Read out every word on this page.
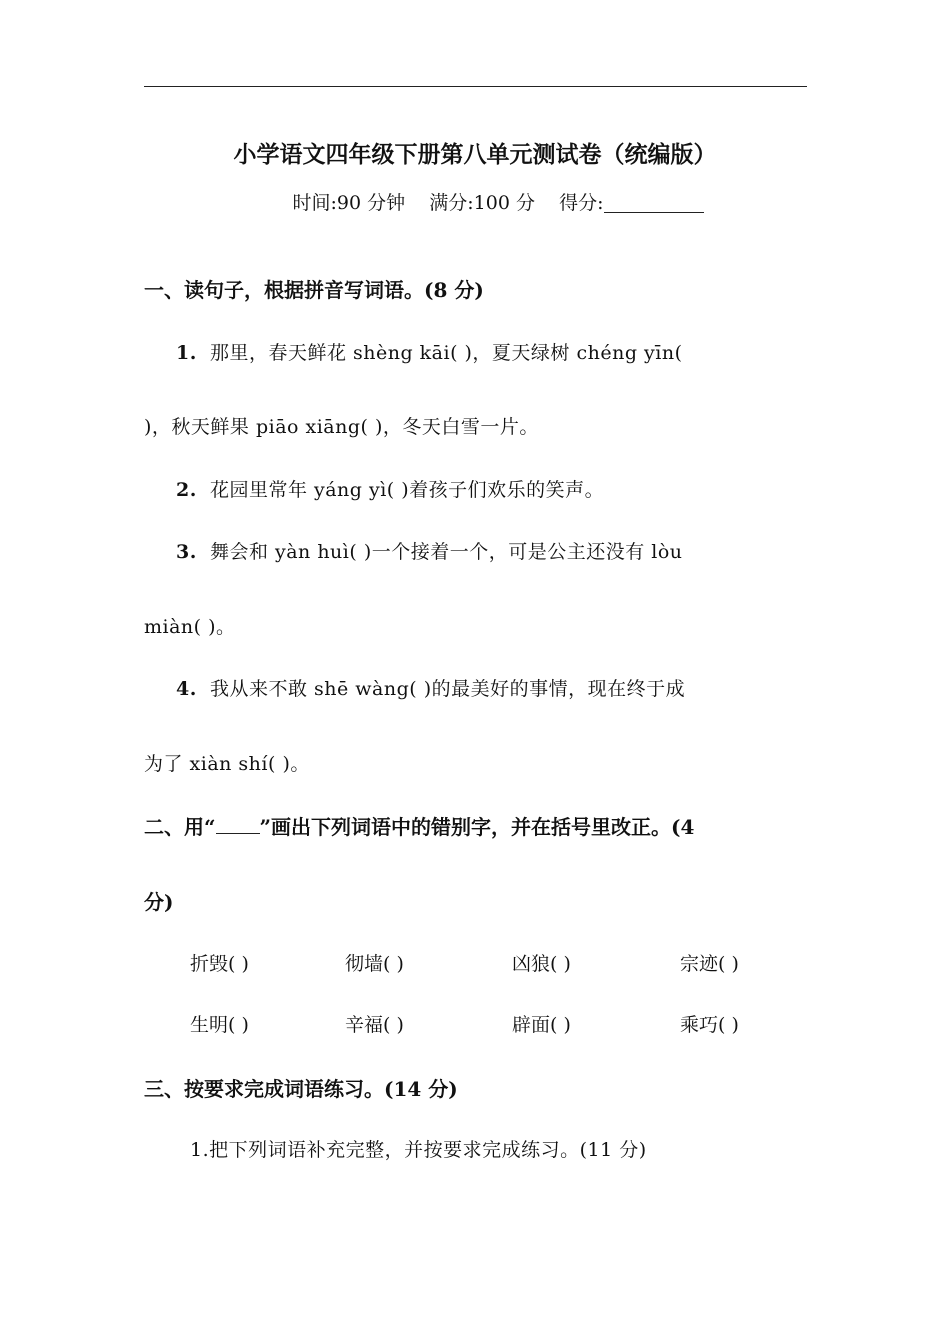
小学语文四年级下册第八单元测试卷（统编版）
时间:90 分钟 满分:100 分 得分:
一、读句子，根据拼音写词语。(8 分)
1. 那里，春天鲜花 shèng kāi( )，夏天绿树 chéng yīn(
)，秋天鲜果 piāo xiāng( )，冬天白雪一片。
2. 花园里常年 yáng yì( )着孩子们欢乐的笑声。
3. 舞会和 yàn huì( )一个接着一个，可是公主还没有 lòu
miàn( )。
4. 我从来不敢 shē wàng( )的最美好的事情，现在终于成
为了 xiàn shí( )。
二、用“ ”画出下列词语中的错别字，并在括号里改正。(4
分)
折毁( )	彻墙( )	凶狼( )	宗迹( )
生明( )	辛福( )	辟面( )	乘巧( )
三、按要求完成词语练习。(14 分)
1.把下列词语补充完整，并按要求完成练习。(11 分)
